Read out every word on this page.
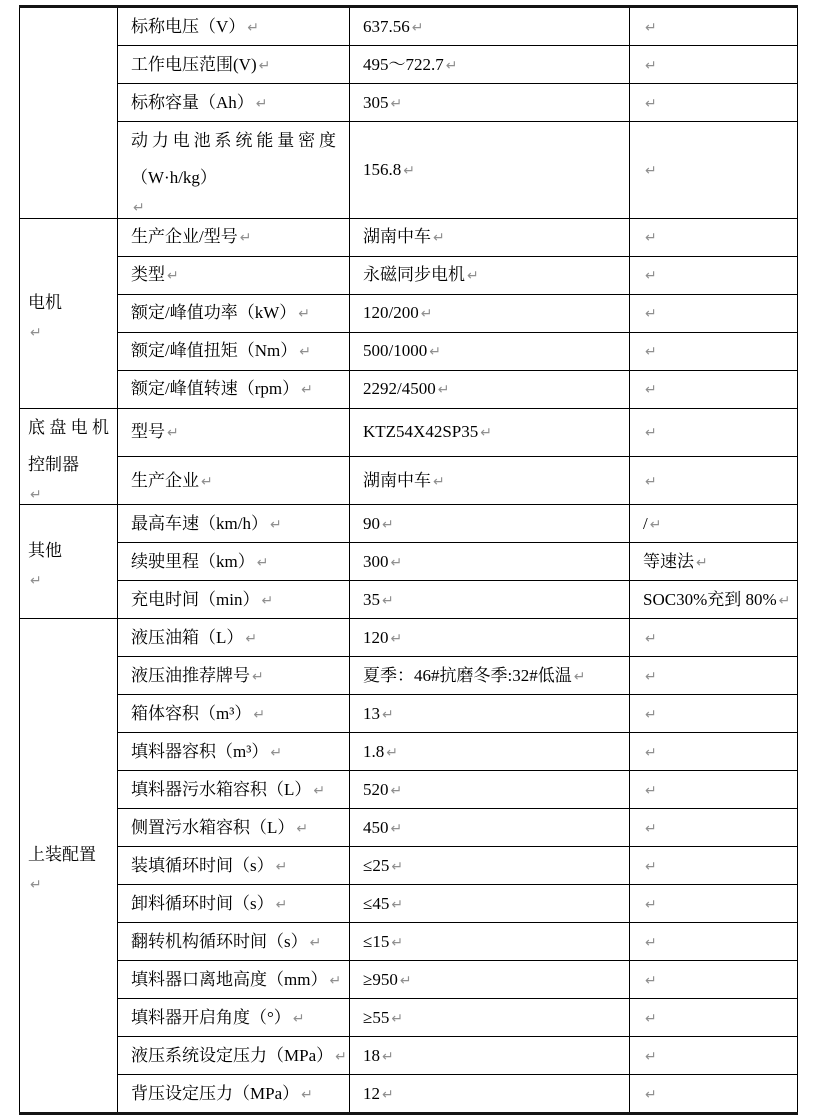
	标称电压（V） ↵	637.56 ↵	↵
	工作电压范围(V) ↵	495～722.7 ↵	↵
	标称容量（Ah） ↵	305 ↵	↵

	动力电池系统能量密度
（W·h/kg）
↵	156.8 ↵	↵

电机
↵	生产企业/型号 ↵	湖南中车 ↵	↵
	类型 ↵	永磁同步电机 ↵	↵
	额定/峰值功率（kW） ↵	120/200 ↵	↵
	额定/峰值扭矩（Nm） ↵	500/1000 ↵	↵
	额定/峰值转速（rpm） ↵	2292/4500 ↵	↵

底盘电机
控制器
↵	型号 ↵	KTZ54X42SP35 ↵	↵
	生产企业 ↵	湖南中车 ↵	↵

其他
↵	最高车速（km/h） ↵	90 ↵	/ ↵
	续驶里程（km） ↵	300 ↵	等速法 ↵
	充电时间（min） ↵	35 ↵	SOC30%充到 80% ↵

上装配置
↵	液压油箱（L） ↵	120 ↵	↵
	液压油推荐牌号 ↵	夏季：46#抗磨冬季:32#低温 ↵	↵
	箱体容积（m³） ↵	13 ↵	↵
	填料器容积（m³） ↵	1.8 ↵	↵
	填料器污水箱容积（L） ↵	520 ↵	↵
	侧置污水箱容积（L） ↵	450 ↵	↵
	装填循环时间（s） ↵	≤25 ↵	↵
	卸料循环时间（s） ↵	≤45 ↵	↵
	翻转机构循环时间（s） ↵	≤15 ↵	↵
	填料器口离地高度（mm） ↵	≥950 ↵	↵
	填料器开启角度（°） ↵	≥55 ↵	↵
	液压系统设定压力（MPa） ↵	18 ↵	↵
	背压设定压力（MPa） ↵	12 ↵	↵
